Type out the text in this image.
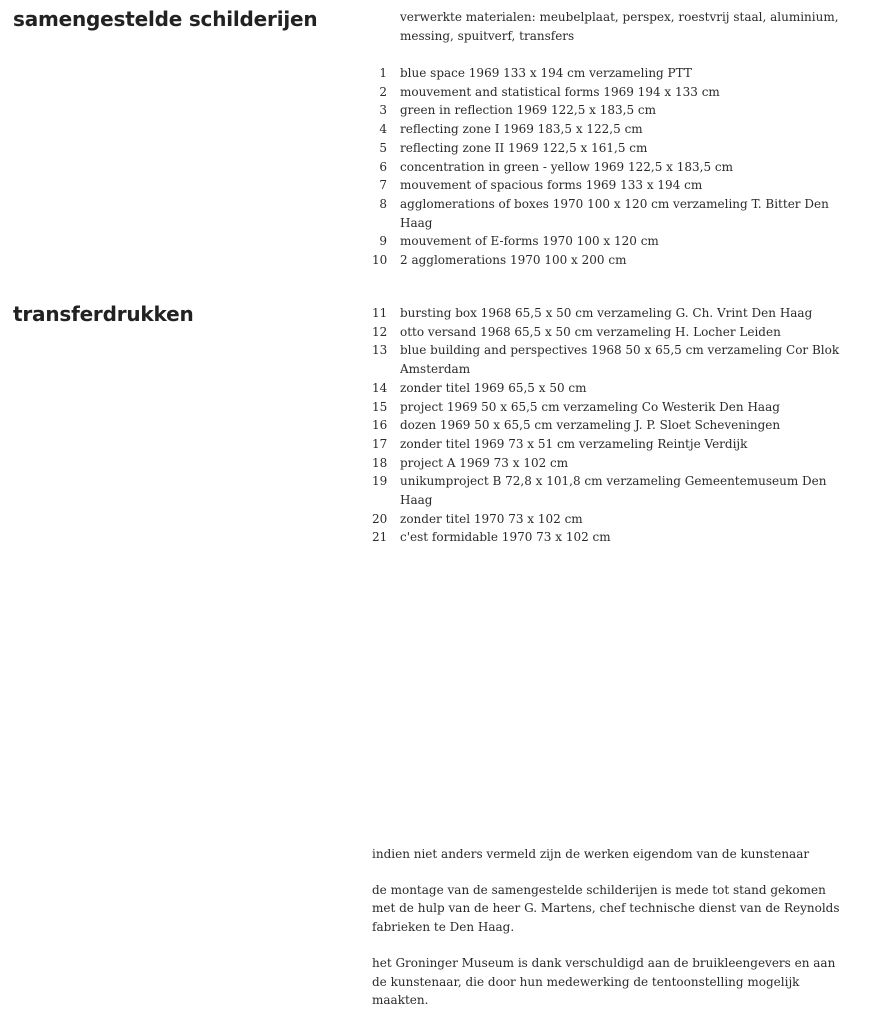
samengestelde schilderijen	verwerkte materialen: meubelplaat, perspex, roestvrij staal, aluminium, messing, spuitverf, transfers
1 blue space 1969 133 x 194 cm verzameling PTT
2 mouvement and statistical forms 1969 194 x 133 cm
3 green in reflection 1969 122,5 x 183,5 cm
4 reflecting zone I 1969 183,5 x 122,5 cm
5 reflecting zone II 1969 122,5 x 161,5 cm
6 concentration in green - yellow 1969 122,5 x 183,5 cm
7 mouvement of spacious forms 1969 133 x 194 cm
8 agglomerations of boxes 1970 100 x 120 cm verzameling T. Bitter Den Haag
9 mouvement of E-forms 1970 100 x 120 cm
10 2 agglomerations 1970 100 x 200 cm
transferdrukken	11 bursting box 1968 65,5 x 50 cm verzameling G. Ch. Vrint Den Haag
12 otto versand 1968 65,5 x 50 cm verzameling H. Locher Leiden
13 blue building and perspectives 1968 50 x 65,5 cm verzameling Cor Blok Amsterdam
14 zonder titel 1969 65,5 x 50 cm
15 project 1969 50 x 65,5 cm verzameling Co Westerik Den Haag
16 dozen 1969 50 x 65,5 cm verzameling J. P. Sloet Scheveningen
17 zonder titel 1969 73 x 51 cm verzameling Reintje Verdijk
18 project A 1969 73 x 102 cm
19 unikumproject B 72,8 x 101,8 cm verzameling Gemeentemuseum Den Haag
20 zonder titel 1970 73 x 102 cm
21 c'est formidable 1970 73 x 102 cm

indien niet anders vermeld zijn de werken eigendom van de kunstenaar

de montage van de samengestelde schilderijen is mede tot stand gekomen met de hulp van de heer G. Martens, chef technische dienst van de Reynolds fabrieken te Den Haag.

het Groninger Museum is dank verschuldigd aan de bruikleengevers en aan de kunstenaar, die door hun medewerking de tentoonstelling mogelijk maakten.
